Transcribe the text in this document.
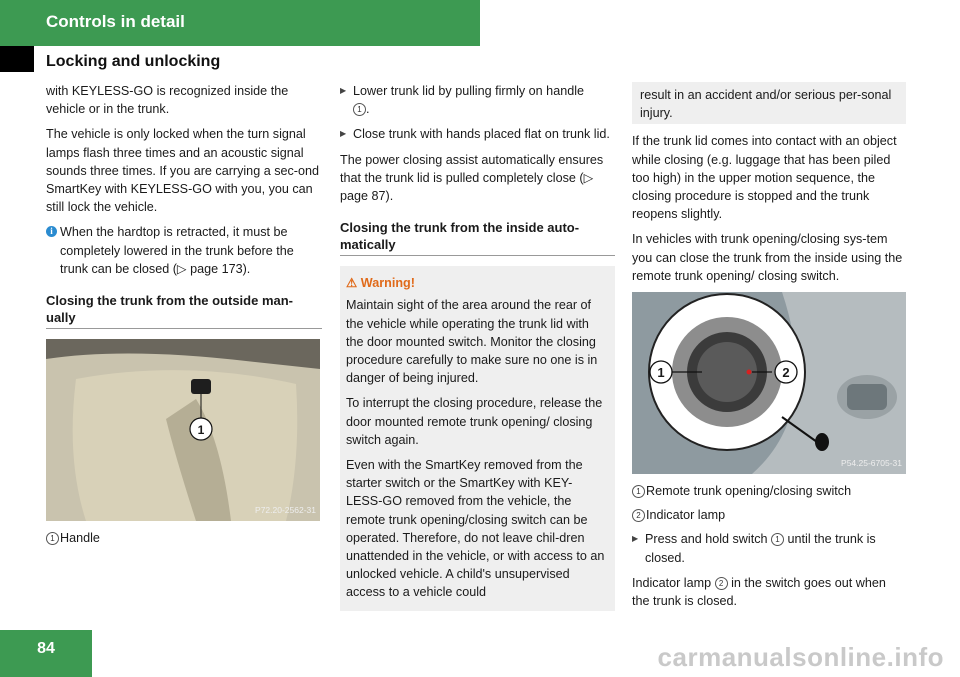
Controls in detail
Locking and unlocking

with KEYLESS-GO is recognized inside the vehicle or in the trunk.

The vehicle is only locked when the turn signal lamps flash three times and an acoustic signal sounds three times. If you are carrying a sec-ond SmartKey with KEYLESS-GO with you, you can still lock the vehicle.

i When the hardtop is retracted, it must be completely lowered in the trunk before the trunk can be closed (▷ page 173).
Closing the trunk from the outside man-ually
1
P72.20-2562-31
1 Handle
▶ Lower trunk lid by pulling firmly on handle
1 .
▶ Close trunk with hands placed flat on trunk lid.

The power closing assist automatically ensures that the trunk lid is pulled completely close (▷ page 87).

Closing the trunk from the inside auto-matically
⚠ Warning!

Maintain sight of the area around the rear of the vehicle while operating the trunk lid with the door mounted switch. Monitor the closing procedure carefully to make sure no one is in danger of being injured.

To interrupt the closing procedure, release the door mounted remote trunk opening/ closing switch again.

Even with the SmartKey removed from the starter switch or the SmartKey with KEY-LESS-GO removed from the vehicle, the remote trunk opening/closing switch can be operated. Therefore, do not leave chil-dren unattended in the vehicle, or with access to an unlocked vehicle. A child's unsupervised access to a vehicle could

result in an accident and/or serious per-sonal injury.

If the trunk lid comes into contact with an object while closing (e.g. luggage that has been piled too high) in the upper motion sequence, the closing procedure is stopped and the trunk reopens slightly.

In vehicles with trunk opening/closing sys-tem you can close the trunk from the inside using the remote trunk opening/ closing switch.

1	2
P54.25-6705-31
1 Remote trunk opening/closing switch
2 Indicator lamp
▶ Press and hold switch 1 until the trunk is closed.

Indicator lamp 2 in the switch goes out when the trunk is closed.

84	carmanualsonline.info
